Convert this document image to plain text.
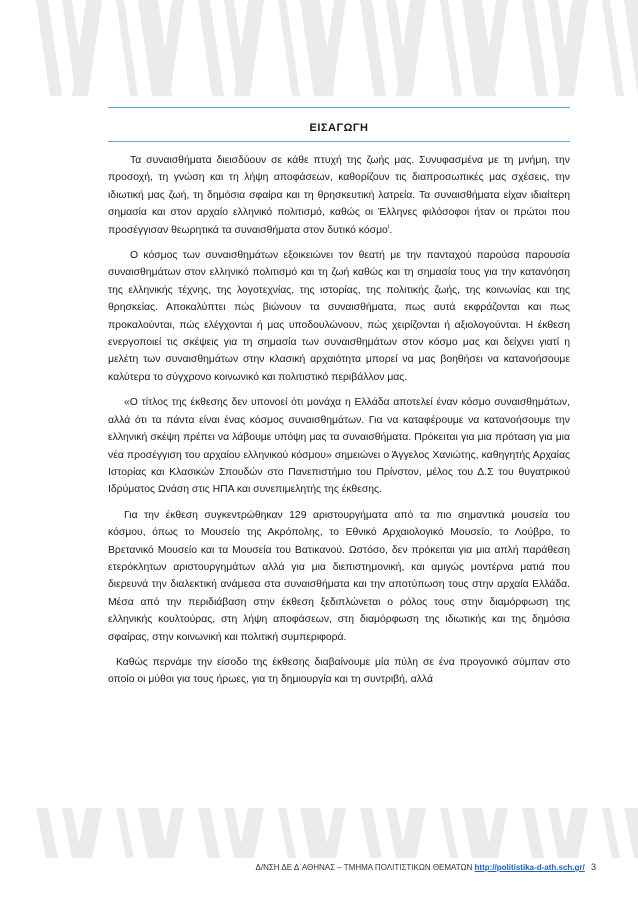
ΕΙΣΑΓΩΓΗ

Τα συναισθήματα διεισδύουν σε κάθε πτυχή της ζωής μας. Συνυφασμένα με τη μνήμη, την προσοχή, τη γνώση και τη λήψη αποφάσεων, καθορίζουν τις διαπροσωπικές μας σχέσεις, την ιδιωτική μας ζωή, τη δημόσια σφαίρα και τη θρησκευτική λατρεία. Τα συναισθήματα είχαν ιδιαίτερη σημασία και στον αρχαίο ελληνικό πολιτισμό, καθώς οι Έλληνες φιλόσοφοι ήταν οι πρώτοι που προσέγγισαν θεωρητικά τα συναισθήματα στον δυτικό κόσμο$^i$.

Ο κόσμος των συναισθημάτων εξοικειώνει τον θεατή με την πανταχού παρούσα παρουσία συναισθημάτων στον ελληνικό πολιτισμό και τη ζωή καθώς και τη σημασία τους για την κατανόηση της ελληνικής τέχνης, της λογοτεχνίας, της ιστορίας, της πολιτικής ζωής, της κοινωνίας και της θρησκείας. Αποκαλύπτει πώς βιώνουν τα συναισθήματα, πως αυτά εκφράζονται και πως προκαλούνται, πώς ελέγχονται ή μας υποδουλώνουν, πώς χειρίζονται ή αξιολογούνται. Η έκθεση ενεργοποιεί τις σκέψεις για τη σημασία των συναισθημάτων στον κόσμο μας και δείχνει γιατί η μελέτη των συναισθημάτων στην κλασική αρχαιότητα μπορεί να μας βοηθήσει να κατανοήσουμε καλύτερα το σύγχρονο κοινωνικό και πολιτιστικό περιβάλλον μας.

«Ο τίτλος της έκθεσης δεν υπονοεί ότι μονάχα η Ελλάδα αποτελεί έναν κόσμο συναισθημάτων, αλλά ότι τα πάντα είναι ένας κόσμος συναισθημάτων. Για να καταφέρουμε να κατανοήσουμε την ελληνική σκέψη πρέπει να λάβουμε υπόψη μας τα συναισθήματα. Πρόκειται για μια πρόταση για μια νέα προσέγγιση του αρχαίου ελληνικού κόσμου» σημειώνει ο Άγγελος Χανιώτης, καθηγητής Αρχαίας Ιστορίας και Κλασικών Σπουδών στο Πανεπιστήμιο του Πρίνστον, μέλος του Δ.Σ του θυγατρικού Ιδρύματος Ωνάση στις ΗΠΑ και συνεπιμελητής της έκθεσης.

Για την έκθεση συγκεντρώθηκαν 129 αριστουργήματα από τα πιο σημαντικά μουσεία του κόσμου, όπως το Μουσείο της Ακρόπολης, το Εθνικό Αρχαιολογικό Μουσείο, το Λούβρο, το Βρετανικό Μουσείο και τα Μουσεία του Βατικανού. Ωστόσο, δεν πρόκειται για μια απλή παράθεση ετερόκλητων αριστουργημάτων αλλά για μια διεπιστημονική, και αμιγώς μοντέρνα ματιά που διερευνά την διαλεκτική ανάμεσα στα συναισθήματα και την αποτύπωση τους στην αρχαία Ελλάδα. Μέσα από την περιδιάβαση στην έκθεση ξεδιπλώνεται ο ρόλος τους στην διαμόρφωση της ελληνικής κουλτούρας, στη λήψη αποφάσεων, στη διαμόρφωση της ιδιωτικής και της δημόσια σφαίρας, στην κοινωνική και πολιτική συμπεριφορά.

Καθώς περνάμε την είσοδο της έκθεσης διαβαίνουμε μία πύλη σε ένα προγονικό σύμπαν στο οποίο οι μύθοι για τους ήρωες, για τη δημιουργία και τη συντριβή, αλλά

Δ/ΝΣΗ ΔΕ Δ΄ΑΘΗΝΑΣ – ΤΜΗΜΑ ΠΟΛΙΤΙΣΤΙΚΩΝ ΘΕΜΑΤΩΝ http://politistika-d-ath.sch.gr/ 3
